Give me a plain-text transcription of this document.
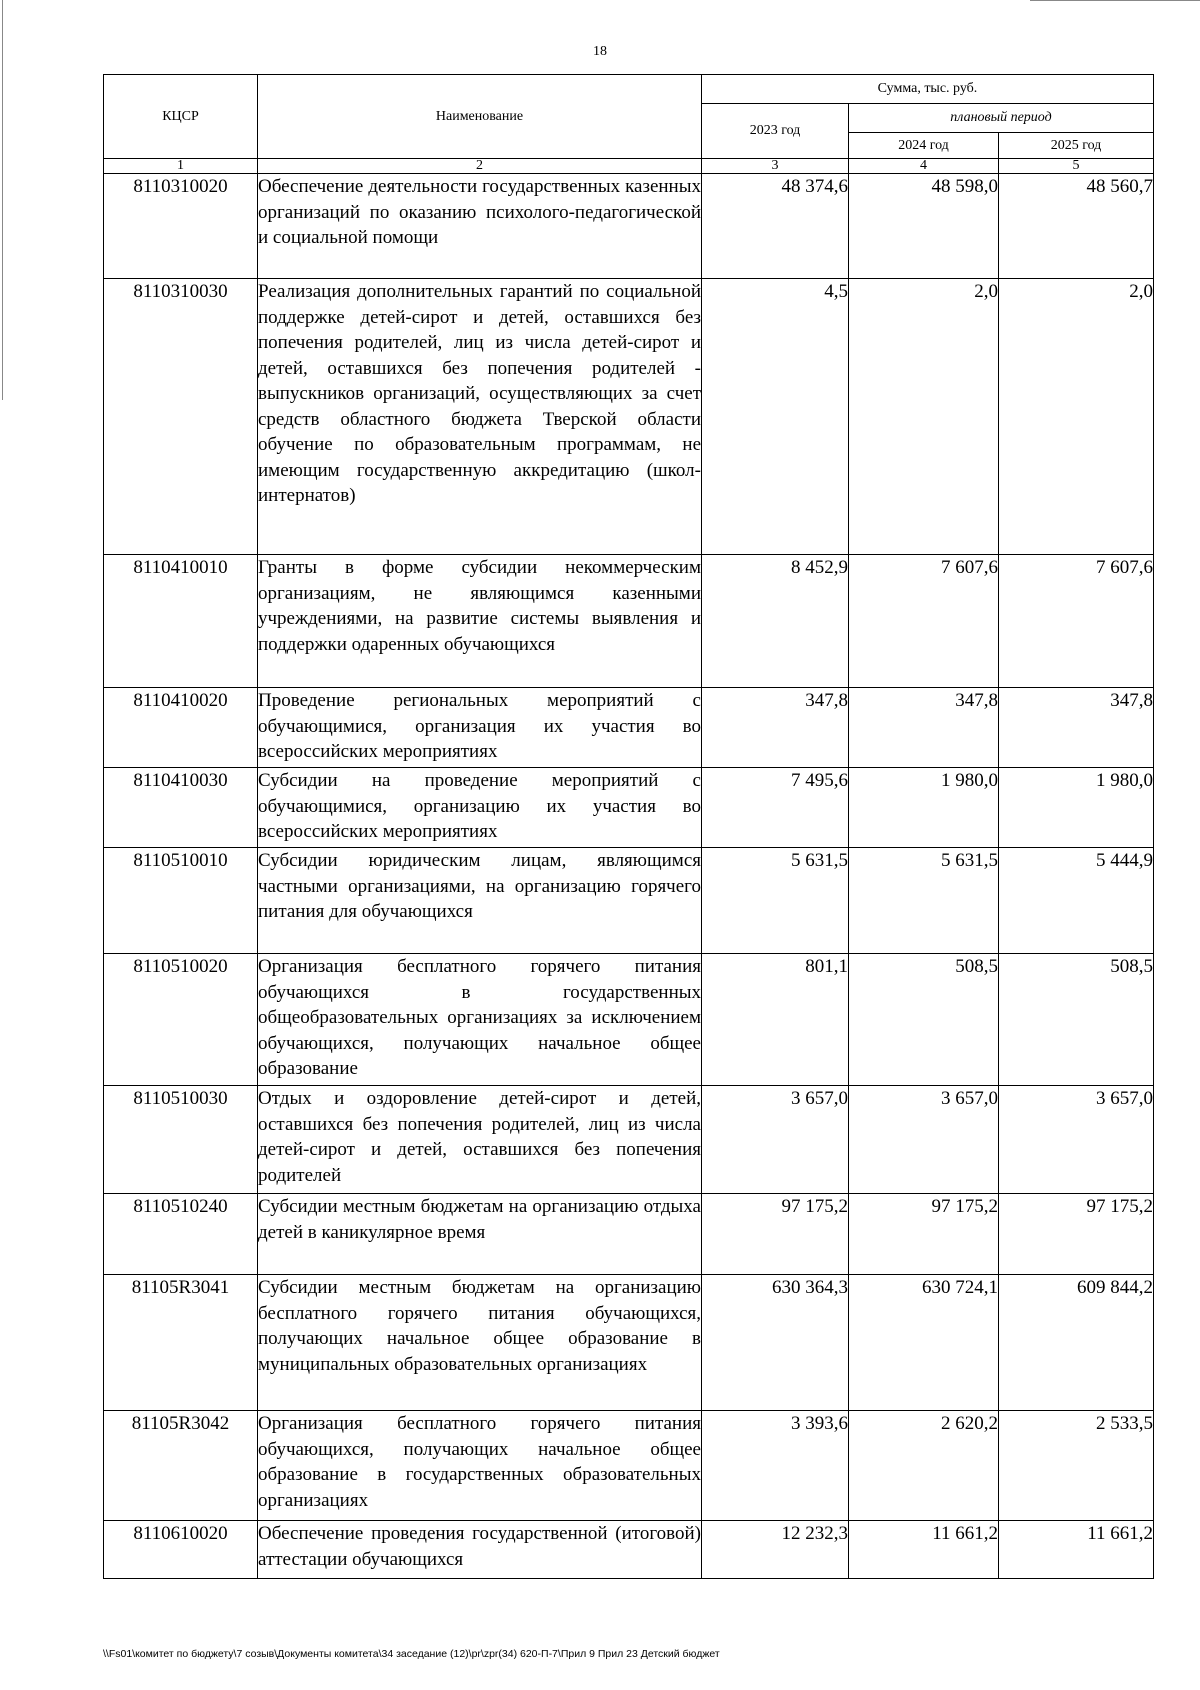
18
КЦСР	Наименование	Сумма, тыс. руб.		
		2023 год	плановый период	
			2024 год	2025 год
1	2	3	4	5
8110310020	Обеспечение деятельности государственных казенных организаций по оказанию психолого-педагогической и социальной помощи	48 374,6	48 598,0	48 560,7
8110310030	Реализация дополнительных гарантий по социальной поддержке детей-сирот и детей, оставшихся без попечения родителей, лиц из числа детей-сирот и детей, оставшихся без попечения родителей - выпускников организаций, осуществляющих за счет средств областного бюджета Тверской области обучение по образовательным программам, не имеющим государственную аккредитацию (школ-интернатов)	4,5	2,0	2,0
8110410010	Гранты в форме субсидии некоммерческим организациям, не являющимся казенными учреждениями, на развитие системы выявления и поддержки одаренных обучающихся	8 452,9	7 607,6	7 607,6
8110410020	Проведение региональных мероприятий с обучающимися, организация их участия во всероссийских мероприятиях	347,8	347,8	347,8
8110410030	Субсидии на проведение мероприятий с обучающимися, организацию их участия во всероссийских мероприятиях	7 495,6	1 980,0	1 980,0
8110510010	Субсидии юридическим лицам, являющимся частными организациями, на организацию горячего питания для обучающихся	5 631,5	5 631,5	5 444,9
8110510020	Организация бесплатного горячего питания обучающихся в государственных общеобразовательных организациях за исключением обучающихся, получающих начальное общее образование	801,1	508,5	508,5
8110510030	Отдых и оздоровление детей-сирот и детей, оставшихся без попечения родителей, лиц из числа детей-сирот и детей, оставшихся без попечения родителей	3 657,0	3 657,0	3 657,0
8110510240	Субсидии местным бюджетам на организацию отдыха детей в каникулярное время	97 175,2	97 175,2	97 175,2
81105R3041	Субсидии местным бюджетам на организацию бесплатного горячего питания обучающихся, получающих начальное общее образование в муниципальных образовательных организациях	630 364,3	630 724,1	609 844,2
81105R3042	Организация бесплатного горячего питания обучающихся, получающих начальное общее образование в государственных образовательных организациях	3 393,6	2 620,2	2 533,5
8110610020	Обеспечение проведения государственной (итоговой) аттестации обучающихся	12 232,3	11 661,2	11 661,2
\\Fs01\комитет по бюджету\7 созыв\Документы комитета\34 заседание (12)\pr\zpr(34) 620-П-7\Прил 9 Прил 23 Детский бюджет
